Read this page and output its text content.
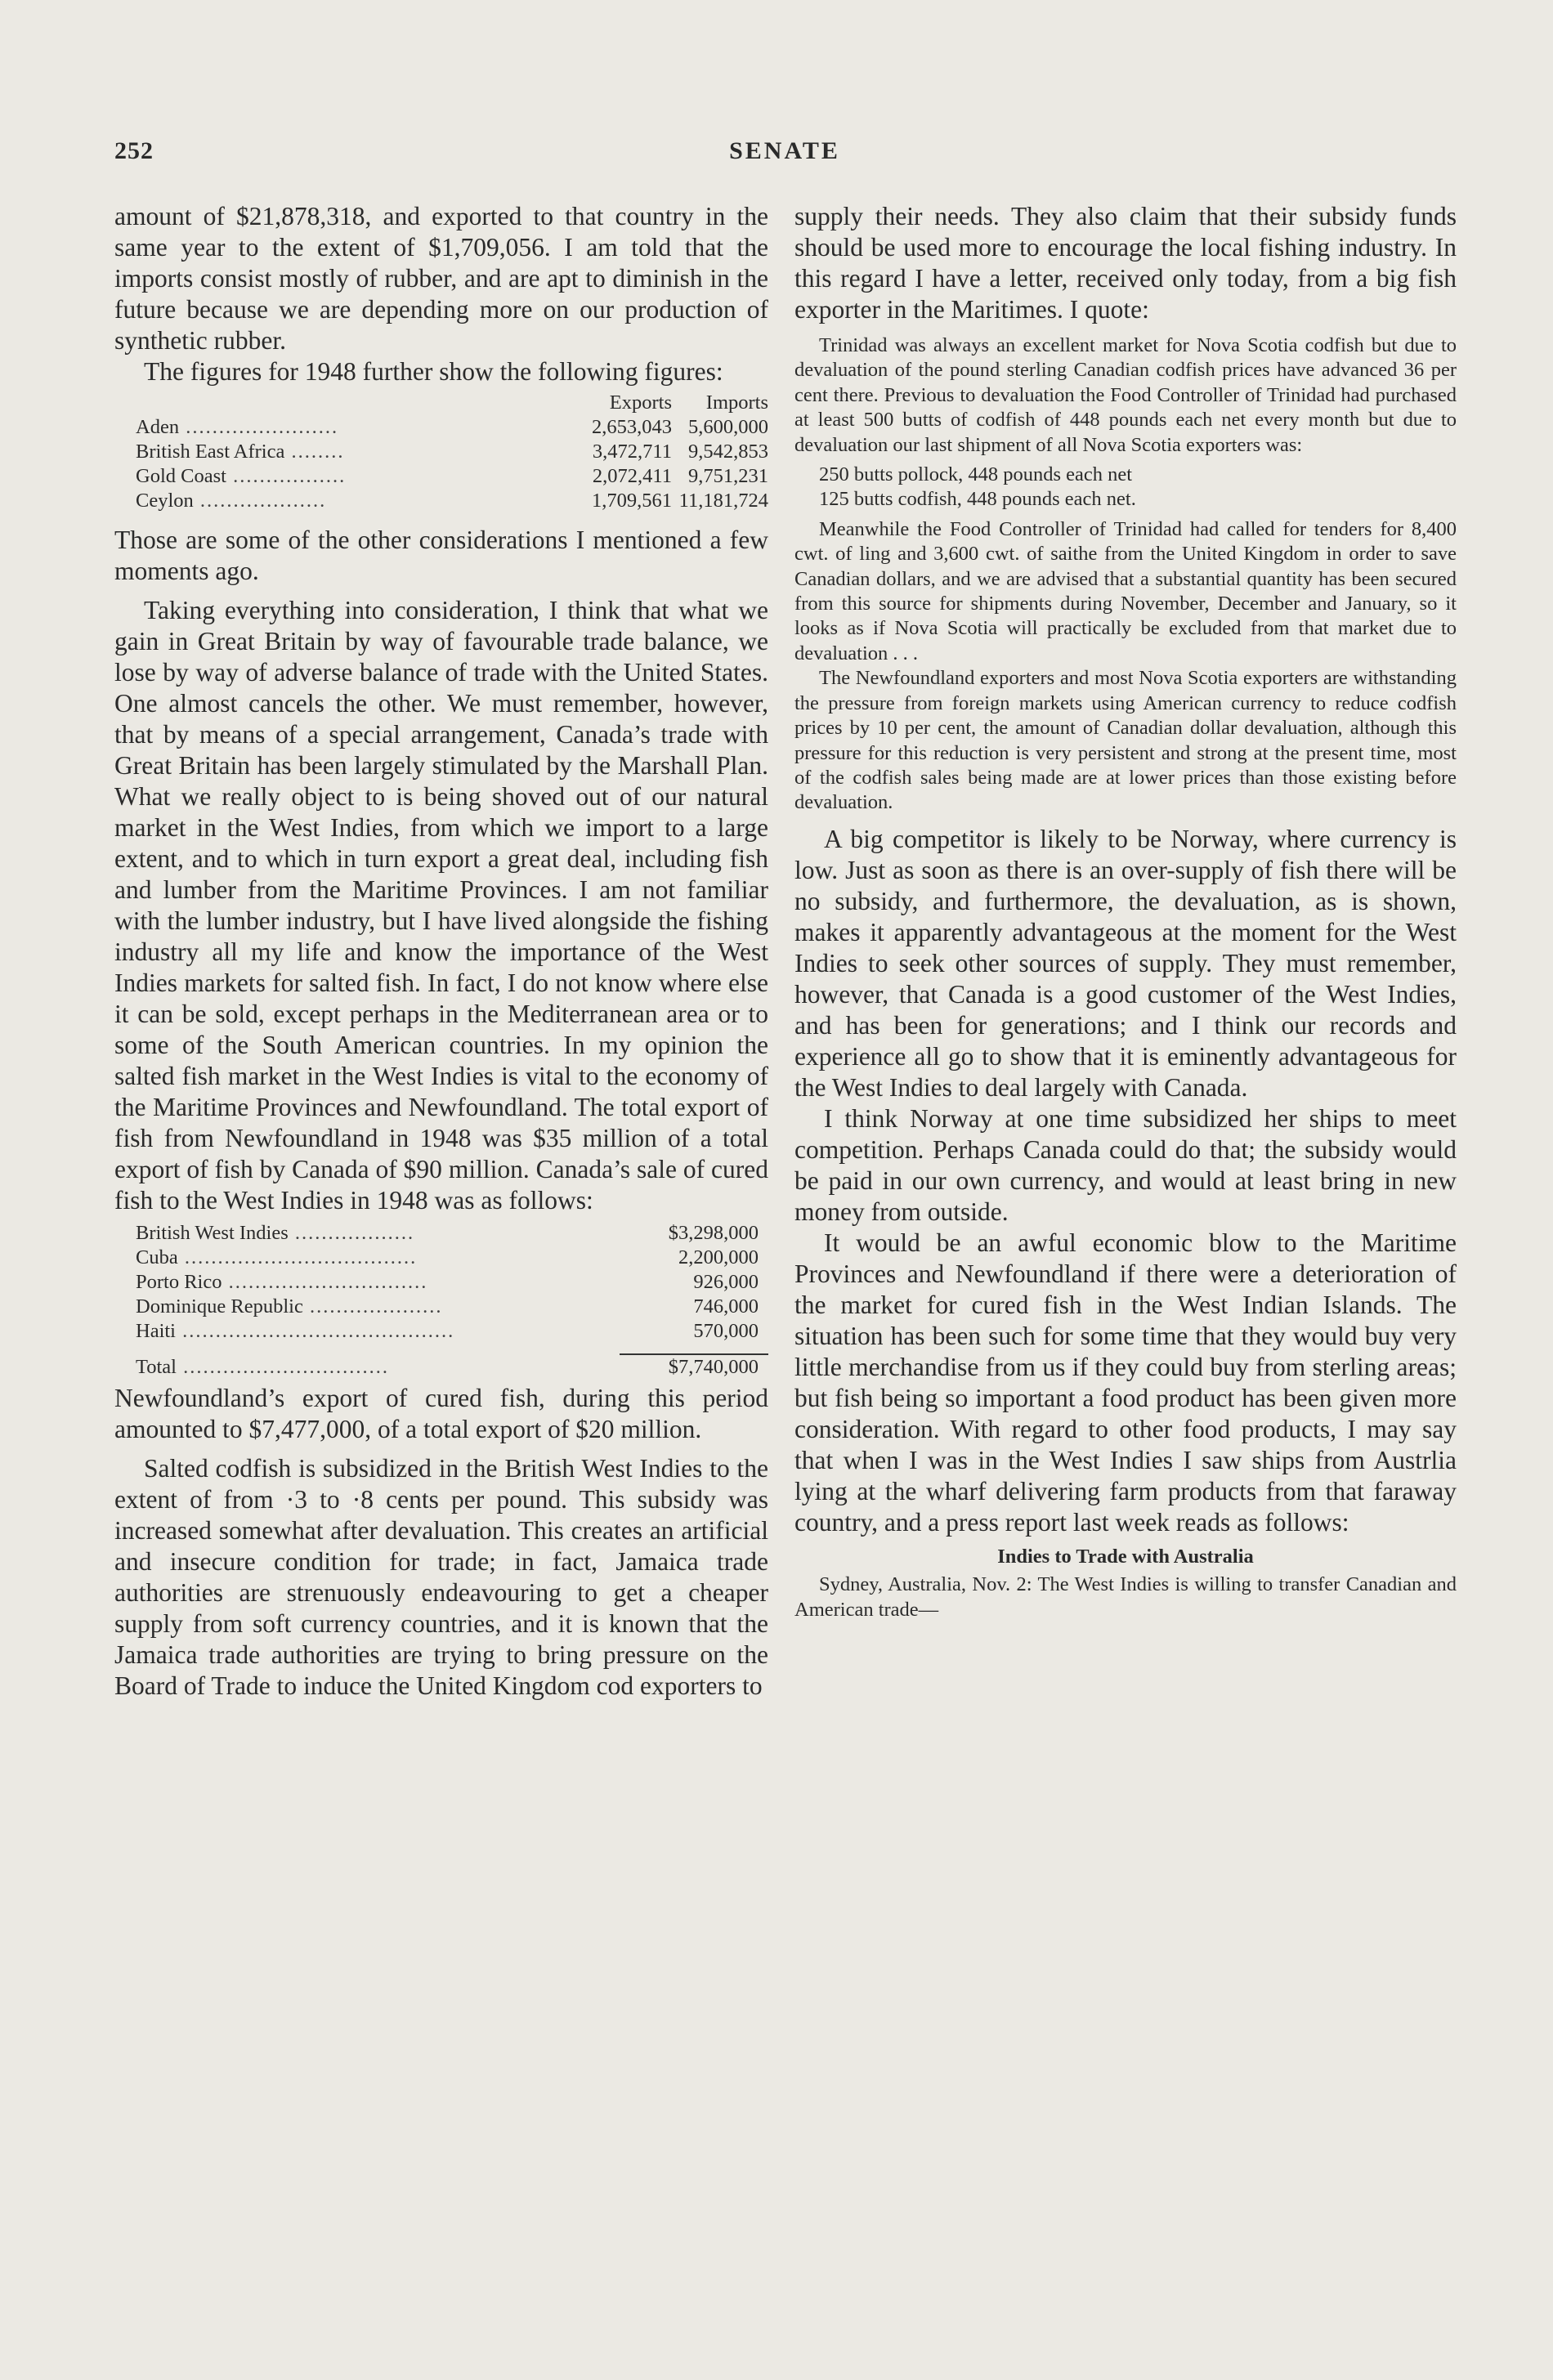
252	SENATE

amount of $21,878,318, and exported to that country in the same year to the extent of $1,709,056. I am told that the imports consist mostly of rubber, and are apt to diminish in the future because we are depending more on our production of synthetic rubber.

The figures for 1948 further show the following figures:

	Exports	Imports
Aden .......................	2,653,043	5,600,000
British East Africa ........	3,472,711	9,542,853
Gold Coast .................	2,072,411	9,751,231
Ceylon ...................	1,709,561	11,181,724

Those are some of the other considerations I mentioned a few moments ago.

Taking everything into consideration, I think that what we gain in Great Britain by way of favourable trade balance, we lose by way of adverse balance of trade with the United States. One almost cancels the other. We must remember, however, that by means of a special arrangement, Canada’s trade with Great Britain has been largely stimulated by the Marshall Plan. What we really object to is being shoved out of our natural market in the West Indies, from which we import to a large extent, and to which in turn export a great deal, including fish and lumber from the Maritime Provinces. I am not familiar with the lumber industry, but I have lived alongside the fishing industry all my life and know the importance of the West Indies markets for salted fish. In fact, I do not know where else it can be sold, except perhaps in the Mediterranean area or to some of the South American countries. In my opinion the salted fish market in the West Indies is vital to the economy of the Maritime Provinces and Newfoundland. The total export of fish from Newfoundland in 1948 was $35 million of a total export of fish by Canada of $90 million. Canada’s sale of cured fish to the West Indies in 1948 was as follows:

British West Indies ..................	$3,298,000
Cuba ...................................	2,200,000
Porto Rico ..............................	926,000
Dominique Republic ....................	746,000
Haiti .........................................	570,000

Total ...............................	$7,740,000

Newfoundland’s export of cured fish, during this period amounted to $7,477,000, of a total export of $20 million.

Salted codfish is subsidized in the British West Indies to the extent of from ·3 to ·8 cents per pound. This subsidy was increased somewhat after devaluation. This creates an artificial and insecure condition for trade; in fact, Jamaica trade authorities are strenuously endeavouring to get a cheaper supply from soft currency countries, and it is known that the Jamaica trade authorities are trying to bring pressure on the Board of Trade to induce the United Kingdom cod exporters to

supply their needs. They also claim that their subsidy funds should be used more to encourage the local fishing industry. In this regard I have a letter, received only today, from a big fish exporter in the Maritimes. I quote:

Trinidad was always an excellent market for Nova Scotia codfish but due to devaluation of the pound sterling Canadian codfish prices have advanced 36 per cent there. Previous to devaluation the Food Controller of Trinidad had purchased at least 500 butts of codfish of 448 pounds each net every month but due to devaluation our last shipment of all Nova Scotia exporters was:

250 butts pollock, 448 pounds each net

125 butts codfish, 448 pounds each net.

Meanwhile the Food Controller of Trinidad had called for tenders for 8,400 cwt. of ling and 3,600 cwt. of saithe from the United Kingdom in order to save Canadian dollars, and we are advised that a substantial quantity has been secured from this source for shipments during November, December and January, so it looks as if Nova Scotia will practically be excluded from that market due to devaluation . . .

The Newfoundland exporters and most Nova Scotia exporters are withstanding the pressure from foreign markets using American currency to reduce codfish prices by 10 per cent, the amount of Canadian dollar devaluation, although this pressure for this reduction is very persistent and strong at the present time, most of the codfish sales being made are at lower prices than those existing before devaluation.

A big competitor is likely to be Norway, where currency is low. Just as soon as there is an over-supply of fish there will be no subsidy, and furthermore, the devaluation, as is shown, makes it apparently advantageous at the moment for the West Indies to seek other sources of supply. They must remember, however, that Canada is a good customer of the West Indies, and has been for generations; and I think our records and experience all go to show that it is eminently advantageous for the West Indies to deal largely with Canada.

I think Norway at one time subsidized her ships to meet competition. Perhaps Canada could do that; the subsidy would be paid in our own currency, and would at least bring in new money from outside.

It would be an awful economic blow to the Maritime Provinces and Newfoundland if there were a deterioration of the market for cured fish in the West Indian Islands. The situation has been such for some time that they would buy very little merchandise from us if they could buy from sterling areas; but fish being so important a food product has been given more consideration. With regard to other food products, I may say that when I was in the West Indies I saw ships from Austrlia lying at the wharf delivering farm products from that faraway country, and a press report last week reads as follows:

Indies to Trade with Australia

Sydney, Australia, Nov. 2: The West Indies is willing to transfer Canadian and American trade—
